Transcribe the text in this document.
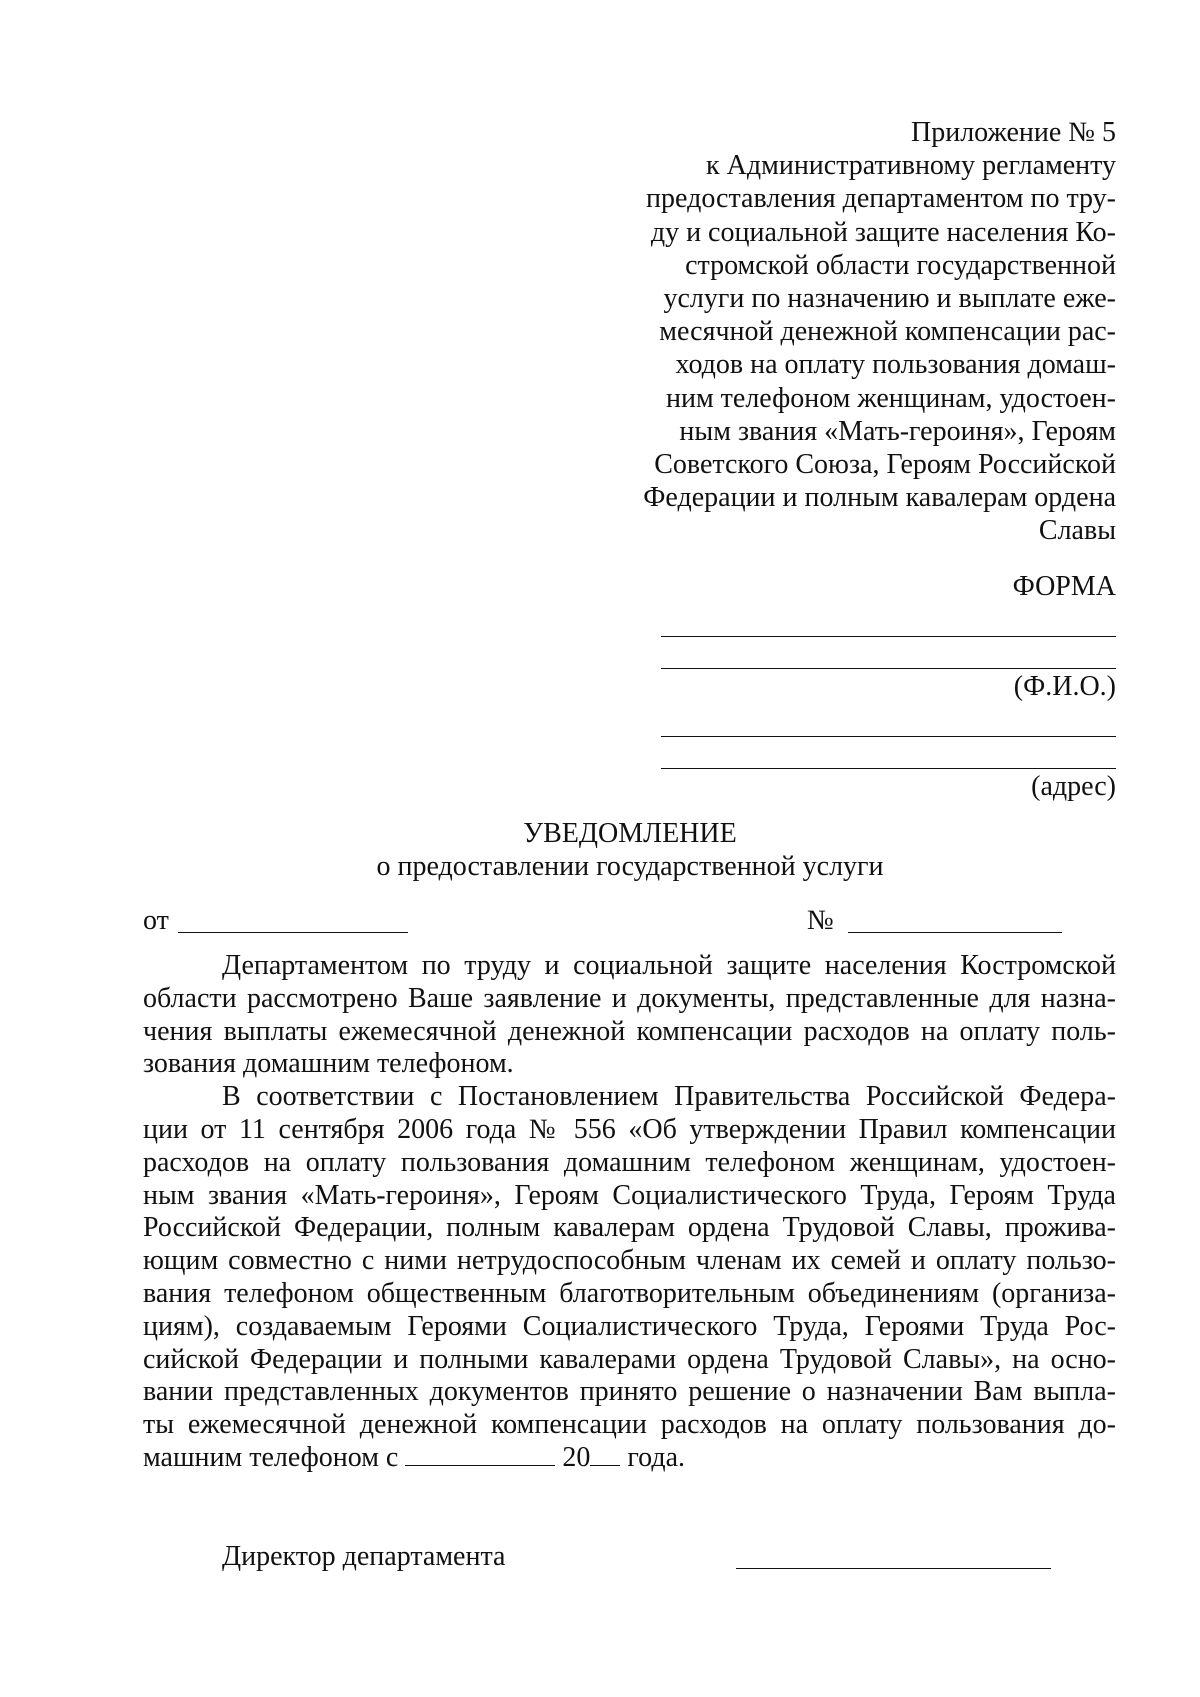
Приложение № 5
к Административному регламенту
предоставления департаментом по тру-
ду и социальной защите населения Ко-
стромской области государственной
услуги по назначению и выплате еже-
месячной денежной компенсации рас-
ходов на оплату пользования домаш-
ним телефоном женщинам, удостоен-
ным звания «Мать-героиня», Героям
Советского Союза, Героям Российской
Федерации и полным кавалерам ордена
Славы
ФОРМА
(Ф.И.О.)
(адрес)
УВЕДОМЛЕНИЕ
о предоставлении государственной услуги
от	№
Департаментом по труду и социальной защите населения Костромской
области рассмотрено Ваше заявление и документы, представленные для назна-
чения выплаты ежемесячной денежной компенсации расходов на оплату поль-
зования домашним телефоном.
В соответствии с Постановлением Правительства Российской Федера-
ции от 11 сентября 2006 года № 556 «Об утверждении Правил компенсации
расходов на оплату пользования домашним телефоном женщинам, удостоен-
ным звания «Мать-героиня», Героям Социалистического Труда, Героям Труда
Российской Федерации, полным кавалерам ордена Трудовой Славы, прожива-
ющим совместно с ними нетрудоспособным членам их семей и оплату пользо-
вания телефоном общественным благотворительным объединениям (организа-
циям), создаваемым Героями Социалистического Труда, Героями Труда Рос-
сийской Федерации и полными кавалерами ордена Трудовой Славы», на осно-
вании представленных документов принято решение о назначении Вам выпла-
ты ежемесячной денежной компенсации расходов на оплату пользования до-
машним телефоном с	20 года.
Директор департамента
